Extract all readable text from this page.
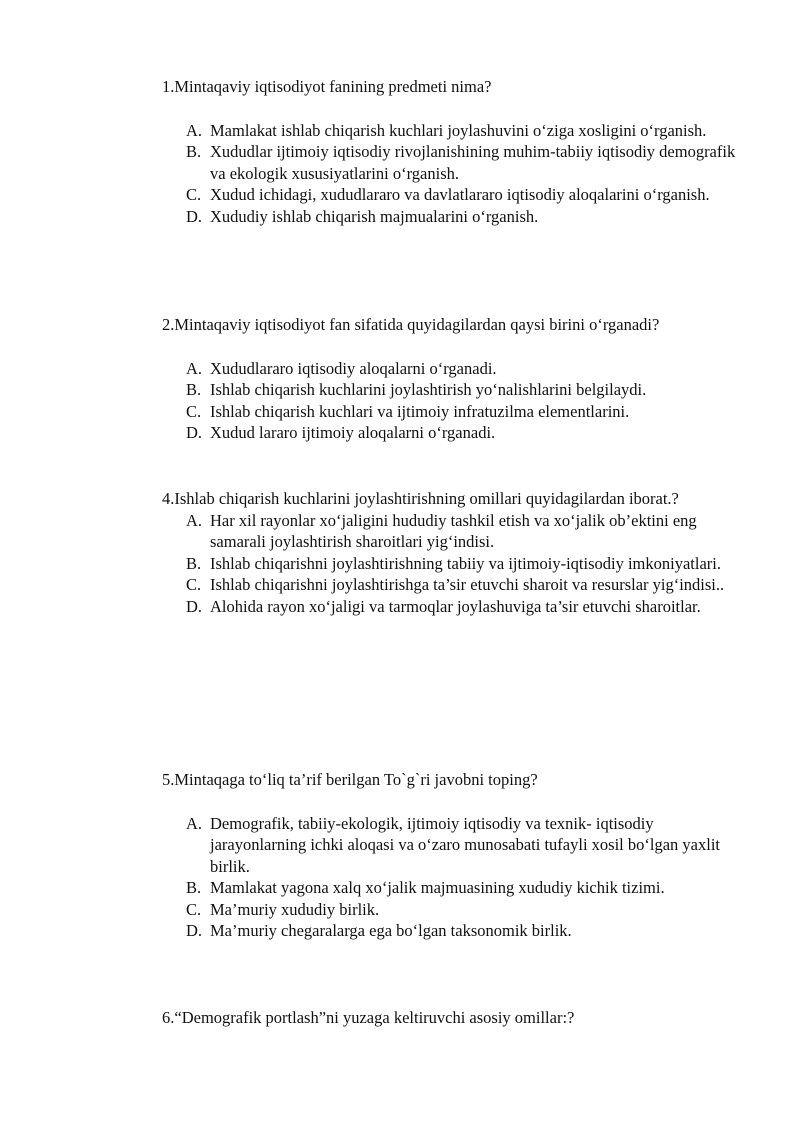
1.Mintaqaviy iqtisodiyot fanining predmeti nima?

A. Mamlakat ishlab chiqarish kuchlari joylashuvini o‘ziga xosligini o‘rganish.
B. Xududlar ijtimoiy iqtisodiy rivojlanishining muhim-tabiiy iqtisodiy demografik va ekologik xususiyatlarini o‘rganish.
C. Xudud ichidagi, xududlararo va davlatlararo iqtisodiy aloqalarini o‘rganish.
D. Xududiy ishlab chiqarish majmualarini o‘rganish.

2.Mintaqaviy iqtisodiyot fan sifatida quyidagilardan qaysi birini o‘rganadi?

A. Xududlararo iqtisodiy aloqalarni o‘rganadi.
B. Ishlab chiqarish kuchlarini joylashtirish yo‘nalishlarini belgilaydi.
C. Ishlab chiqarish kuchlari va ijtimoiy infratuzilma elementlarini.
D. Xudud lararo ijtimoiy aloqalarni o‘rganadi.

4.Ishlab chiqarish kuchlarini joylashtirishning omillari quyidagilardan iborat.?

A. Har xil rayonlar xo‘jaligini hududiy tashkil etish va xo‘jalik ob’ektini eng samarali joylashtirish sharoitlari yig‘indisi.
B. Ishlab chiqarishni joylashtirishning tabiiy va ijtimoiy-iqtisodiy imkoniyatlari.
C. Ishlab chiqarishni joylashtirishga ta’sir etuvchi sharoit va resurslar yig‘indisi..
D. Alohida rayon xo‘jaligi va tarmoqlar joylashuviga ta’sir etuvchi sharoitlar.

5.Mintaqaga to‘liq ta’rif berilgan To`g`ri javobni toping?

A. Demografik, tabiiy-ekologik, ijtimoiy iqtisodiy va texnik- iqtisodiy jarayonlarning ichki aloqasi va o‘zaro munosabati tufayli xosil bo‘lgan yaxlit birlik.
B. Mamlakat yagona xalq xo‘jalik majmuasining xududiy kichik tizimi.
C. Ma’muriy xududiy birlik.
D. Ma’muriy chegaralarga ega bo‘lgan taksonomik birlik.

6.“Demografik portlash”ni yuzaga keltiruvchi asosiy omillar:?
